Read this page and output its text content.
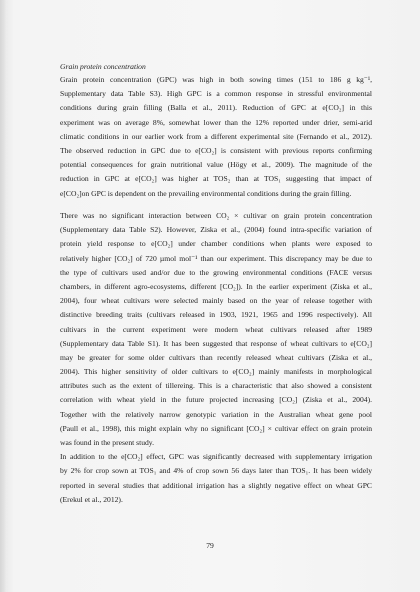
Grain protein concentration
Grain protein concentration (GPC) was high in both sowing times (151 to 186 g kg⁻¹,
Supplementary data Table S3). High GPC is a common response in stressful environmental
conditions during grain filling (Balla et al., 2011). Reduction of GPC at e[CO₂] in this
experiment was on average 8%, somewhat lower than the 12% reported under drier, semi-arid
climatic conditions in our earlier work from a different experimental site (Fernando et al., 2012).
The observed reduction in GPC due to e[CO₂] is consistent with previous reports confirming
potential consequences for grain nutritional value (Högy et al., 2009). The magnitude of the
reduction in GPC at e[CO₂] was higher at TOS₂ than at TOS₁ suggesting that impact of
e[CO₂]on GPC is dependent on the prevailing environmental conditions during the grain filling.
There was no significant interaction between CO₂ × cultivar on grain protein concentration
(Supplementary data Table S2). However, Ziska et al., (2004) found intra-specific variation of
protein yield response to e[CO₂] under chamber conditions when plants were exposed to
relatively higher [CO₂] of 720 µmol mol⁻¹ than our experiment. This discrepancy may be due to
the type of cultivars used and/or due to the growing environmental conditions (FACE versus
chambers, in different agro-ecosystems, different [CO₂]). In the earlier experiment (Ziska et al.,
2004), four wheat cultivars were selected mainly based on the year of release together with
distinctive breeding traits (cultivars released in 1903, 1921, 1965 and 1996 respectively). All
cultivars in the current experiment were modern wheat cultivars released after 1989
(Supplementary data Table S1). It has been suggested that response of wheat cultivars to e[CO₂]
may be greater for some older cultivars than recently released wheat cultivars (Ziska et al.,
2004). This higher sensitivity of older cultivars to e[CO₂] mainly manifests in morphological
attributes such as the extent of tillereing. This is a characteristic that also showed a consistent
correlation with wheat yield in the future projected increasing [CO₂] (Ziska et al., 2004).
Together with the relatively narrow genotypic variation in the Australian wheat gene pool
(Paull et al., 1998), this might explain why no significant [CO₂] × cultivar effect on grain protein
was found in the present study.
In addition to the e[CO₂] effect, GPC was significantly decreased with supplementary irrigation
by 2% for crop sown at TOS₁ and 4% of crop sown 56 days later than TOS₁. It has been widely
reported in several studies that additional irrigation has a slightly negative effect on wheat GPC
(Erekul et al., 2012).
79
